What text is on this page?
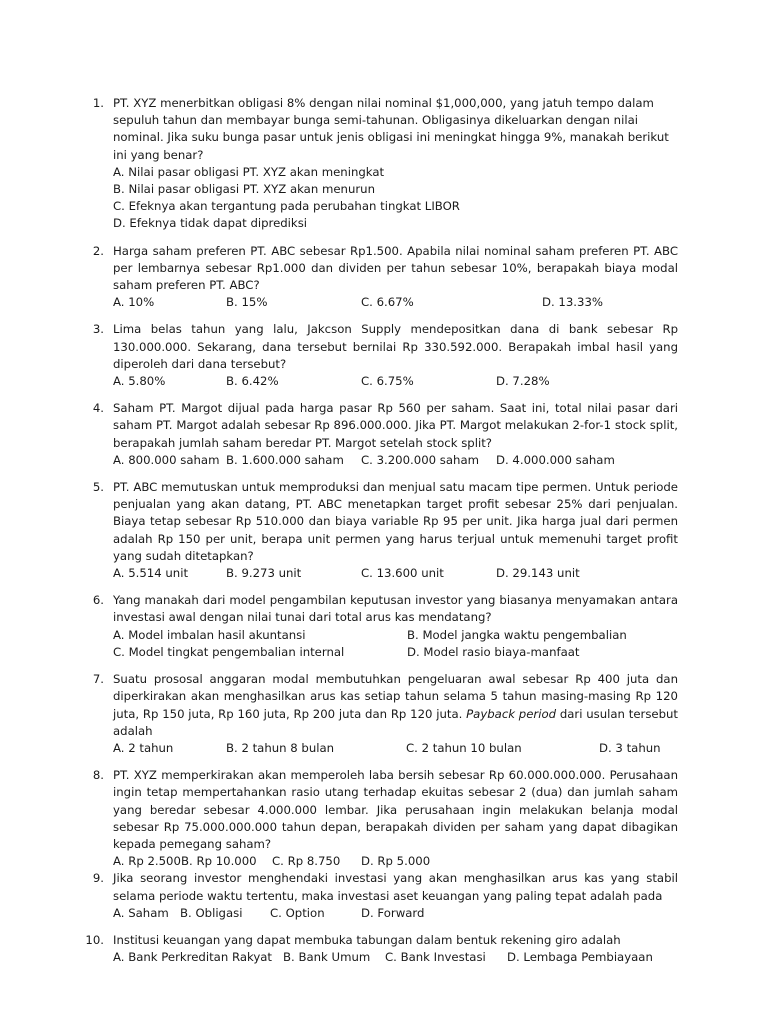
1. PT. XYZ menerbitkan obligasi 8% dengan nilai nominal $1,000,000, yang jatuh tempo dalam sepuluh tahun dan membayar bunga semi-tahunan. Obligasinya dikeluarkan dengan nilai nominal. Jika suku bunga pasar untuk jenis obligasi ini meningkat hingga 9%, manakah berikut ini yang benar?
A. Nilai pasar obligasi PT. XYZ akan meningkat
B. Nilai pasar obligasi PT. XYZ akan menurun
C. Efeknya akan tergantung pada perubahan tingkat LIBOR
D. Efeknya tidak dapat diprediksi
2. Harga saham preferen PT. ABC sebesar Rp1.500. Apabila nilai nominal saham preferen PT. ABC per lembarnya sebesar Rp1.000 dan dividen per tahun sebesar 10%, berapakah biaya modal saham preferen PT. ABC?
A. 10%	B. 15%	C. 6.67%	D. 13.33%
3. Lima belas tahun yang lalu, Jakcson Supply mendepositkan dana di bank sebesar Rp 130.000.000. Sekarang, dana tersebut bernilai Rp 330.592.000. Berapakah imbal hasil yang diperoleh dari dana tersebut?
A. 5.80%	B. 6.42%	C. 6.75%	D. 7.28%
4. Saham PT. Margot dijual pada harga pasar Rp 560 per saham. Saat ini, total nilai pasar dari saham PT. Margot adalah sebesar Rp 896.000.000. Jika PT. Margot melakukan 2-for-1 stock split, berapakah jumlah saham beredar PT. Margot setelah stock split?
A. 800.000 saham B. 1.600.000 saham	C. 3.200.000 saham	D. 4.000.000 saham
5. PT. ABC memutuskan untuk memproduksi dan menjual satu macam tipe permen. Untuk periode penjualan yang akan datang, PT. ABC menetapkan target profit sebesar 25% dari penjualan. Biaya tetap sebesar Rp 510.000 dan biaya variable Rp 95 per unit. Jika harga jual dari permen adalah Rp 150 per unit, berapa unit permen yang harus terjual untuk memenuhi target profit yang sudah ditetapkan?
A. 5.514 unit	B. 9.273 unit	C. 13.600 unit	D. 29.143 unit
6. Yang manakah dari model pengambilan keputusan investor yang biasanya menyamakan antara investasi awal dengan nilai tunai dari total arus kas mendatang?
A. Model imbalan hasil akuntansi	B. Model jangka waktu pengembalian
C. Model tingkat pengembalian internal	D. Model rasio biaya-manfaat
7. Suatu prososal anggaran modal membutuhkan pengeluaran awal sebesar Rp 400 juta dan diperkirakan akan menghasilkan arus kas setiap tahun selama 5 tahun masing-masing Rp 120 juta, Rp 150 juta, Rp 160 juta, Rp 200 juta dan Rp 120 juta. Payback period dari usulan tersebut adalah
A. 2 tahun	B. 2 tahun 8 bulan	C. 2 tahun 10 bulan	D. 3 tahun
8. PT. XYZ memperkirakan akan memperoleh laba bersih sebesar Rp 60.000.000.000. Perusahaan ingin tetap mempertahankan rasio utang terhadap ekuitas sebesar 2 (dua) dan jumlah saham yang beredar sebesar 4.000.000 lembar. Jika perusahaan ingin melakukan belanja modal sebesar Rp 75.000.000.000 tahun depan, berapakah dividen per saham yang dapat dibagikan kepada pemegang saham?
A. Rp 2.500 B. Rp 10.000	C. Rp 8.750	D. Rp 5.000
9. Jika seorang investor menghendaki investasi yang akan menghasilkan arus kas yang stabil selama periode waktu tertentu, maka investasi aset keuangan yang paling tepat adalah pada
A. Saham B. Obligasi	C. Option	D. Forward
10. Institusi keuangan yang dapat membuka tabungan dalam bentuk rekening giro adalah
A. Bank Perkreditan Rakyat B. Bank Umum	C. Bank Investasi	D. Lembaga Pembiayaan
